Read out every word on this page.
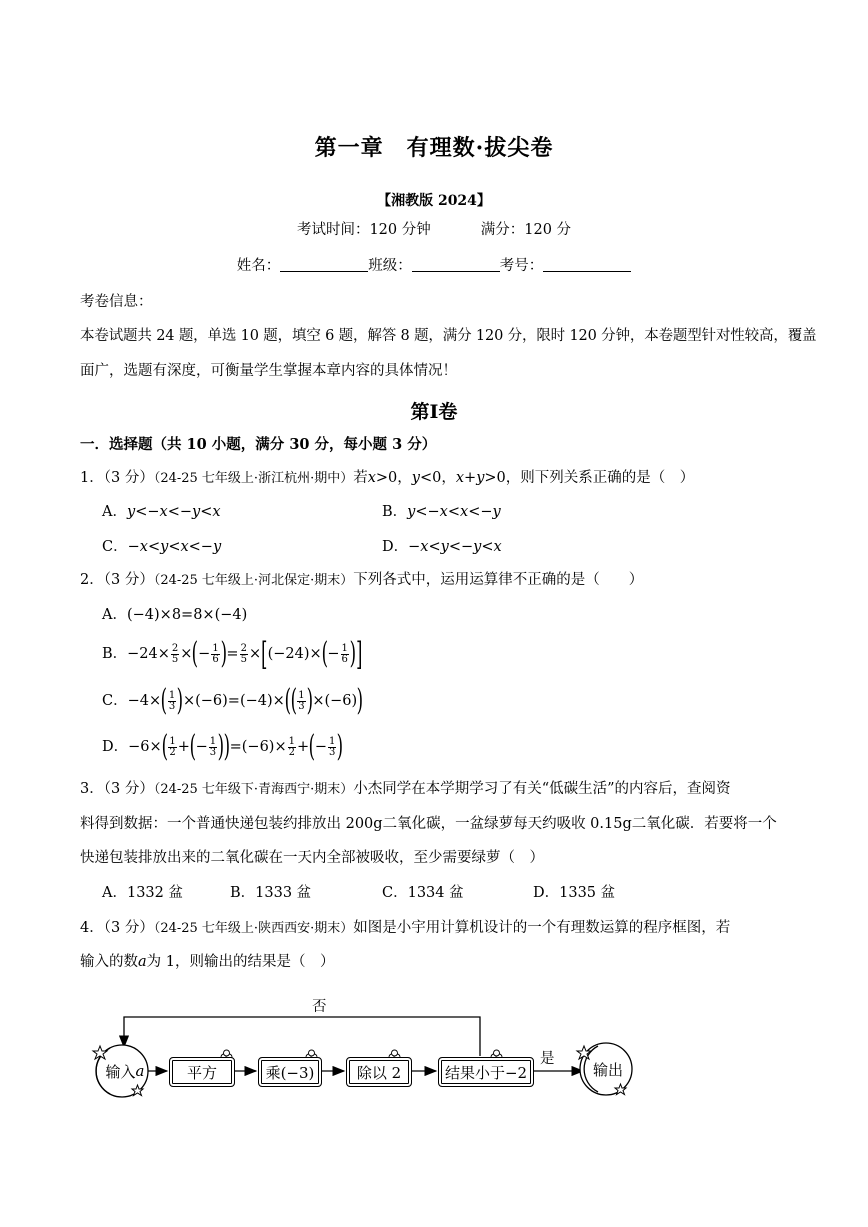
第一章　有理数·拔尖卷
【湘教版 2024】
考试时间：120 分钟	满分：120 分
姓名：	班级：	考号：
考卷信息：
本卷试题共 24 题，单选 10 题，填空 6 题，解答 8 题，满分 120 分，限时 120 分钟，本卷题型针对性较高，覆盖
面广，选题有深度，可衡量学生掌握本章内容的具体情况！
第Ⅰ卷
一．选择题（共 10 小题，满分 30 分，每小题 3 分）
1．（3 分）（24-25 七年级上·浙江杭州·期中）若x>0，y<0，x+y>0，则下列关系正确的是（　）
A．y<−x<−y<x	B．y<−x<x<−y
C．−x<y<x<−y	D．−x<y<−y<x
2．（3 分）（24-25 七年级上·河北保定·期末）下列各式中，运用运算律不正确的是（　　）
A．(−4)×8=8×(−4)
B．$-24\times \frac{2}{5}$ ×(− $\frac{1}{6}$ )= $\frac{2}{5} \times[(-24)\times(- \frac{1}{6}$ )]
C．$-4\times( \frac{1}{3} )\times(-6)=(-4)\times(( \frac{1}{3} )\times(-6))$
D．$-6\times( \frac{1}{2}$ +(− $\frac{1}{3} ))=(-6)\times \frac{1}{2}$ +(− $\frac{1}{3}$ )
3．（3 分）（24-25 七年级下·青海西宁·期末）小杰同学在本学期学习了有关“低碳生活”的内容后，查阅资
料得到数据：一个普通快递包装约排放出 200g二氧化碳，一盆绿萝每天约吸收 0.15g二氧化碳．若要将一个
快递包装排放出来的二氧化碳在一天内全部被吸收，至少需要绿萝（　）
A．1332 盆	B．1333 盆	C．1334 盆	D．1335 盆
4．（3 分）（24-25 七年级上·陕西西安·期末）如图是小宇用计算机设计的一个有理数运算的程序框图，若
输入的数a为 1，则输出的结果是（　）
否
是
输入 a	平方	乘(−3)	除以 2	结果小于−2	输出
